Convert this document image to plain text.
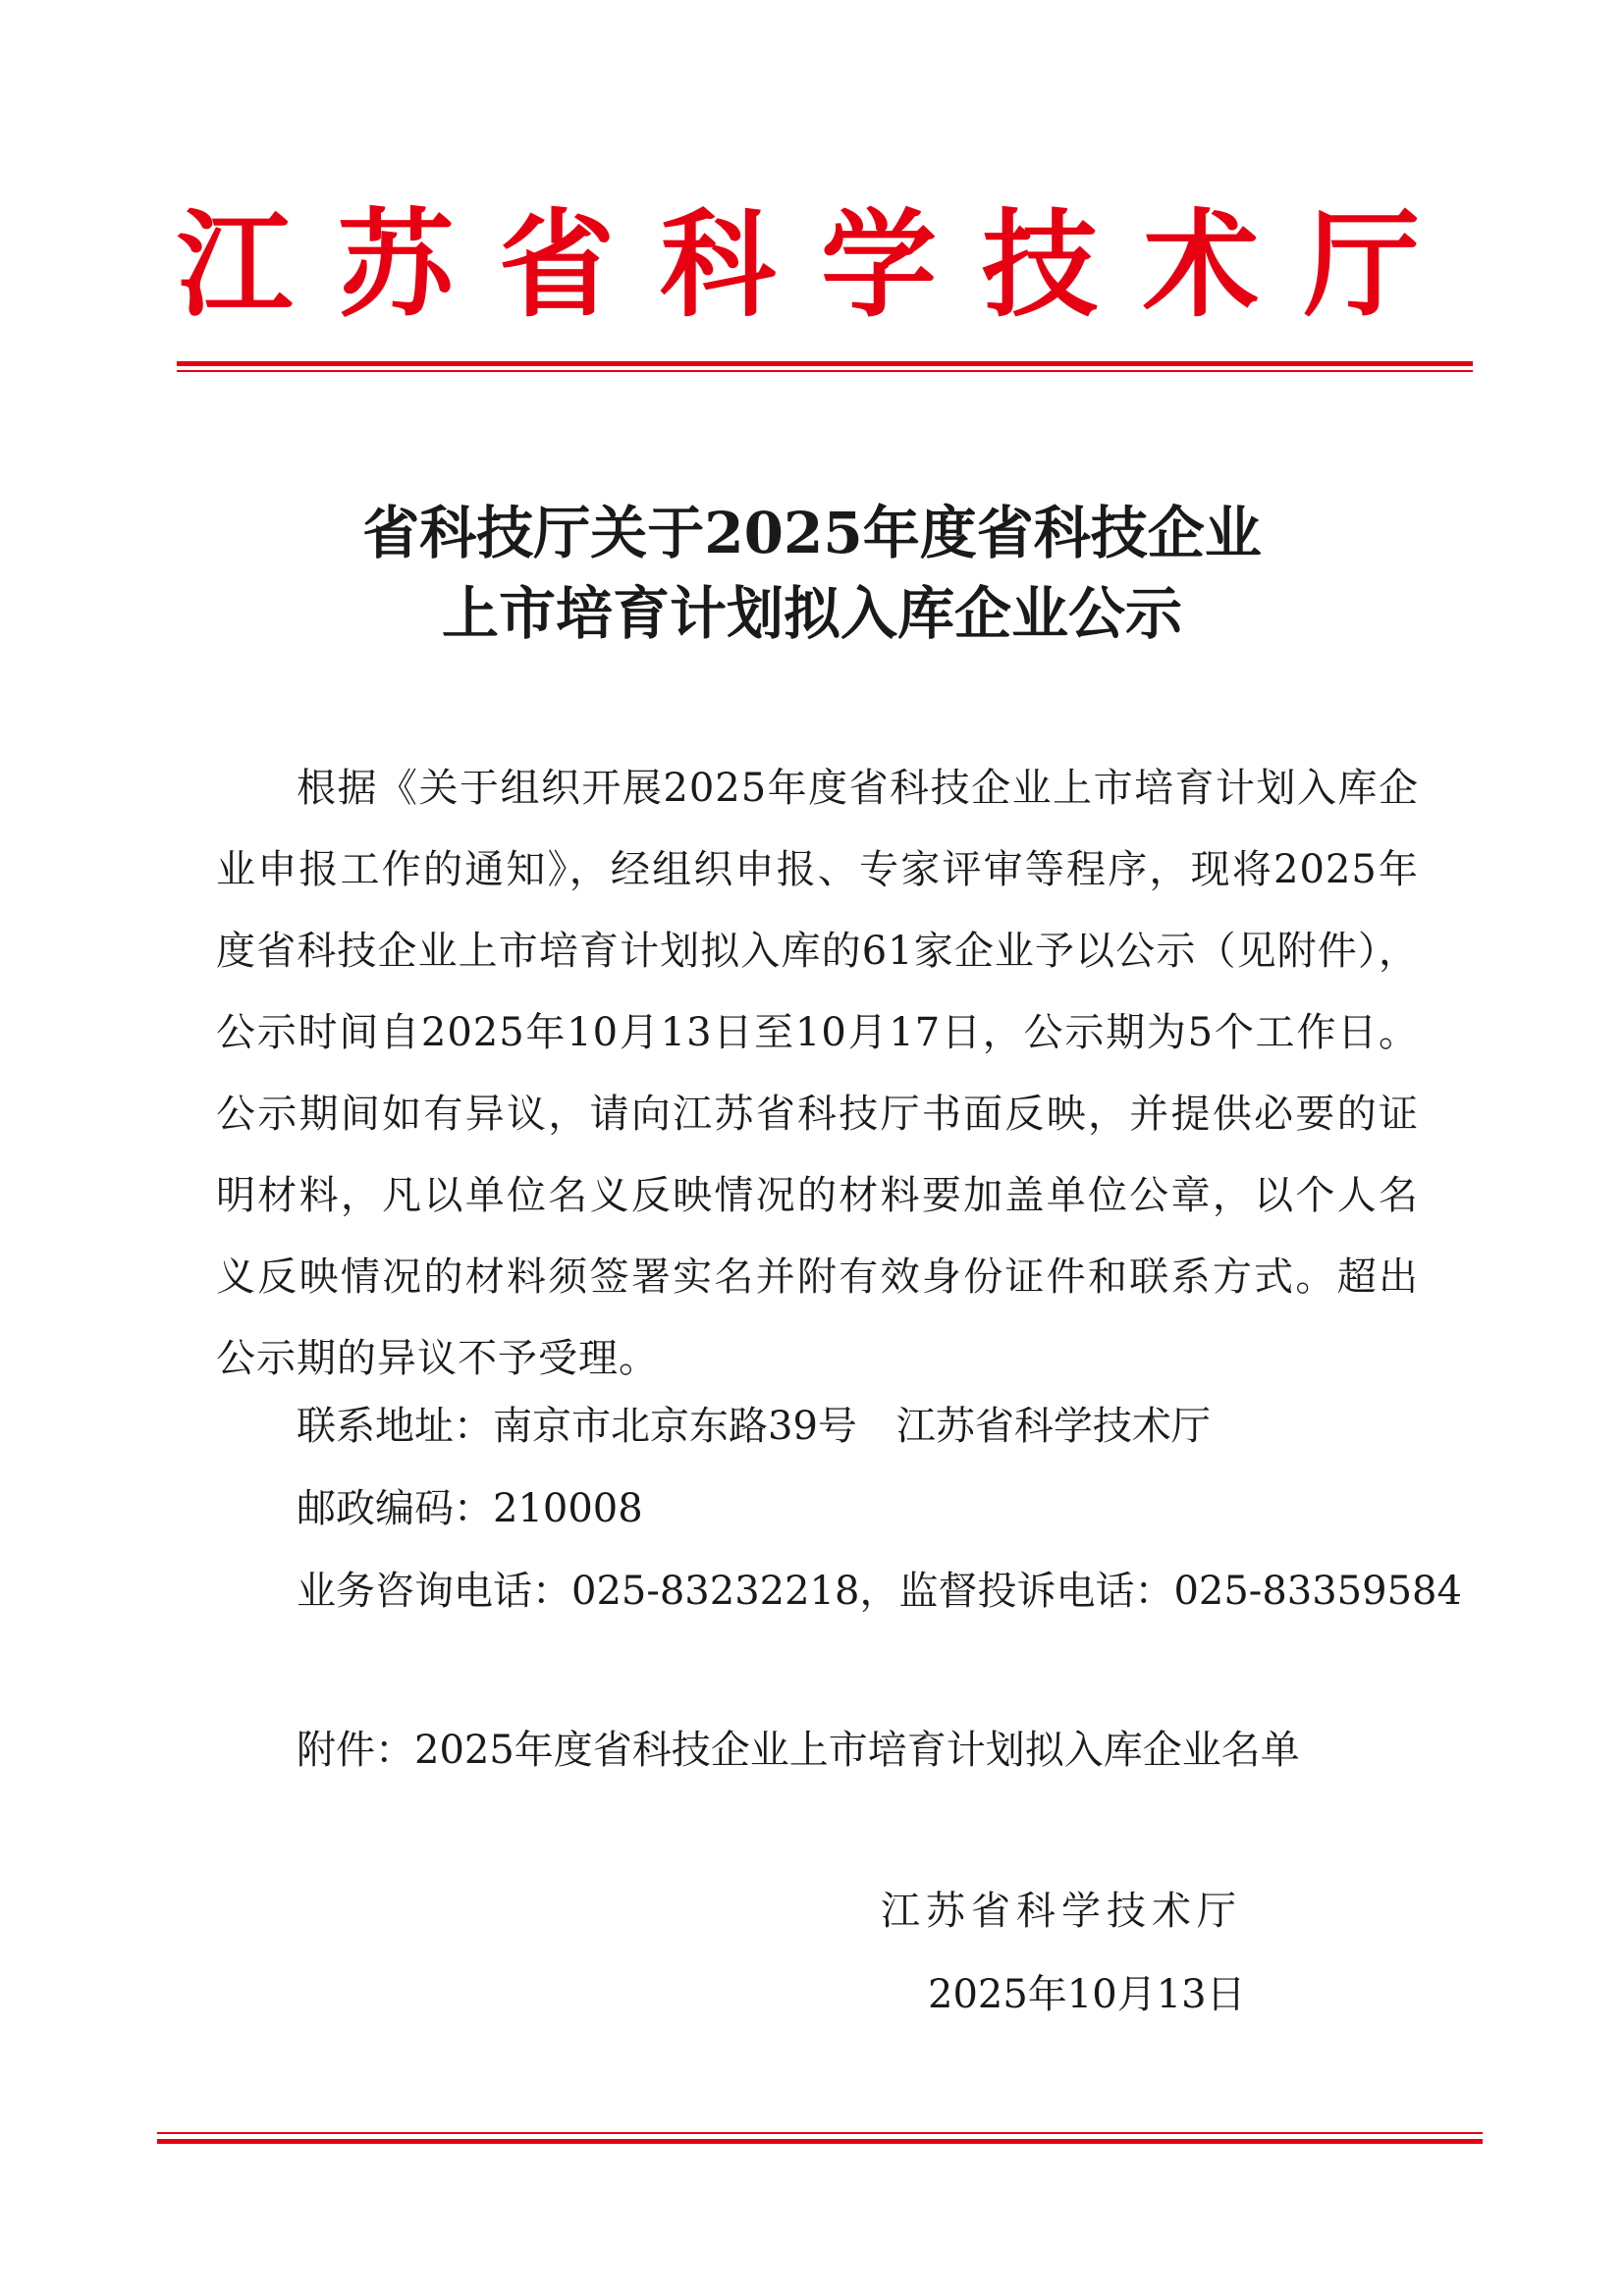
江苏省科学技术厅
省科技厅关于2025年度省科技企业
上市培育计划拟入库企业公示
根据《关于组织开展2025年度省科技企业上市培育计划入库企业申报工作的通知》，经组织申报、专家评审等程序，现将2025年度省科技企业上市培育计划拟入库的61家企业予以公示（见附件），公示时间自2025年10月13日至10月17日，公示期为5个工作日。公示期间如有异议，请向江苏省科技厅书面反映，并提供必要的证明材料，凡以单位名义反映情况的材料要加盖单位公章，以个人名义反映情况的材料须签署实名并附有效身份证件和联系方式。超出公示期的异议不予受理。
联系地址：南京市北京东路39号　江苏省科学技术厅
邮政编码：210008
业务咨询电话：025-83232218，监督投诉电话：025-83359584
附件：2025年度省科技企业上市培育计划拟入库企业名单
江苏省科学技术厅
2025年10月13日
